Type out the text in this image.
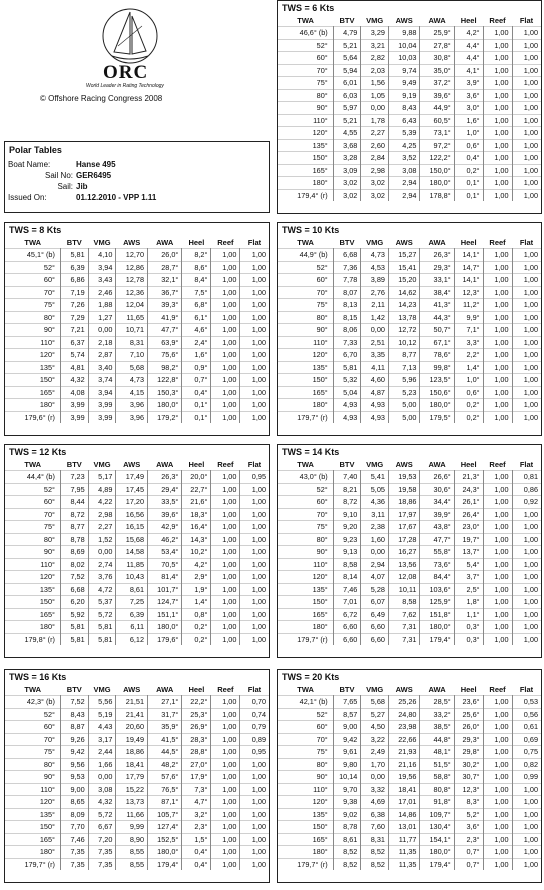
ORC
World Leader in Rating Technology
© Offshore Racing Congress 2008
Polar Tables
Boat Name:	Hanse 495
Sail No: GER6495
Sail: Jib
Issued On:	01.12.2010 - VPP 1.11
TWS = 6 Kts
TWA	BTV	VMG	AWS	AWA	Heel	Reef	Flat
46,6° (b)	4,79	3,29	9,88	25,9°	4,2°	1,00	1,00
52°	5,21	3,21	10,04	27,8°	4,4°	1,00	1,00
60°	5,64	2,82	10,03	30,8°	4,4°	1,00	1,00
70°	5,94	2,03	9,74	35,0°	4,1°	1,00	1,00
75°	6,01	1,56	9,49	37,2°	3,9°	1,00	1,00
80°	6,03	1,05	9,19	39,6°	3,6°	1,00	1,00
90°	5,97	0,00	8,43	44,9°	3,0°	1,00	1,00
110°	5,21	1,78	6,43	60,5°	1,6°	1,00	1,00
120°	4,55	2,27	5,39	73,1°	1,0°	1,00	1,00
135°	3,68	2,60	4,25	97,2°	0,6°	1,00	1,00
150°	3,28	2,84	3,52	122,2°	0,4°	1,00	1,00
165°	3,09	2,98	3,08	150,0°	0,2°	1,00	1,00
180°	3,02	3,02	2,94	180,0°	0,1°	1,00	1,00
179,4° (r)	3,02	3,02	2,94	178,8°	0,1°	1,00	1,00
TWS = 8 Kts
TWA	BTV	VMG	AWS	AWA	Heel	Reef	Flat
45,1° (b)	5,81	4,10	12,70	26,0°	8,2°	1,00	1,00
52°	6,39	3,94	12,86	28,7°	8,6°	1,00	1,00
60°	6,86	3,43	12,78	32,1°	8,4°	1,00	1,00
70°	7,19	2,46	12,36	36,7°	7,5°	1,00	1,00
75°	7,26	1,88	12,04	39,3°	6,8°	1,00	1,00
80°	7,29	1,27	11,65	41,9°	6,1°	1,00	1,00
90°	7,21	0,00	10,71	47,7°	4,6°	1,00	1,00
110°	6,37	2,18	8,31	63,9°	2,4°	1,00	1,00
120°	5,74	2,87	7,10	75,6°	1,6°	1,00	1,00
135°	4,81	3,40	5,68	98,2°	0,9°	1,00	1,00
150°	4,32	3,74	4,73	122,8°	0,7°	1,00	1,00
165°	4,08	3,94	4,15	150,3°	0,4°	1,00	1,00
180°	3,99	3,99	3,96	180,0°	0,1°	1,00	1,00
179,6° (r)	3,99	3,99	3,96	179,2°	0,1°	1,00	1,00
TWS = 10 Kts
TWA	BTV	VMG	AWS	AWA	Heel	Reef	Flat
44,9° (b)	6,68	4,73	15,27	26,3°	14,1°	1,00	1,00
52°	7,36	4,53	15,41	29,3°	14,7°	1,00	1,00
60°	7,78	3,89	15,20	33,1°	14,1°	1,00	1,00
70°	8,07	2,76	14,62	38,4°	12,3°	1,00	1,00
75°	8,13	2,11	14,23	41,3°	11,2°	1,00	1,00
80°	8,15	1,42	13,78	44,3°	9,9°	1,00	1,00
90°	8,06	0,00	12,72	50,7°	7,1°	1,00	1,00
110°	7,33	2,51	10,12	67,1°	3,3°	1,00	1,00
120°	6,70	3,35	8,77	78,6°	2,2°	1,00	1,00
135°	5,81	4,11	7,13	99,8°	1,4°	1,00	1,00
150°	5,32	4,60	5,96	123,5°	1,0°	1,00	1,00
165°	5,04	4,87	5,23	150,6°	0,6°	1,00	1,00
180°	4,93	4,93	5,00	180,0°	0,2°	1,00	1,00
179,7° (r)	4,93	4,93	5,00	179,5°	0,2°	1,00	1,00
TWS = 12 Kts
TWA	BTV	VMG	AWS	AWA	Heel	Reef	Flat
44,4° (b)	7,23	5,17	17,49	26,3°	20,0°	1,00	0,95
52°	7,95	4,89	17,45	29,4°	22,7°	1,00	1,00
60°	8,44	4,22	17,20	33,5°	21,6°	1,00	1,00
70°	8,72	2,98	16,56	39,6°	18,3°	1,00	1,00
75°	8,77	2,27	16,15	42,9°	16,4°	1,00	1,00
80°	8,78	1,52	15,68	46,2°	14,3°	1,00	1,00
90°	8,69	0,00	14,58	53,4°	10,2°	1,00	1,00
110°	8,02	2,74	11,85	70,5°	4,2°	1,00	1,00
120°	7,52	3,76	10,43	81,4°	2,9°	1,00	1,00
135°	6,68	4,72	8,61	101,7°	1,9°	1,00	1,00
150°	6,20	5,37	7,25	124,7°	1,4°	1,00	1,00
165°	5,92	5,72	6,39	151,1°	0,8°	1,00	1,00
180°	5,81	5,81	6,11	180,0°	0,2°	1,00	1,00
179,8° (r)	5,81	5,81	6,12	179,6°	0,2°	1,00	1,00
TWS = 14 Kts
TWA	BTV	VMG	AWS	AWA	Heel	Reef	Flat
43,0° (b)	7,40	5,41	19,53	26,6°	21,3°	1,00	0,81
52°	8,21	5,05	19,58	30,6°	24,3°	1,00	0,86
60°	8,72	4,36	18,86	34,4°	26,1°	1,00	0,92
70°	9,10	3,11	17,97	39,9°	26,4°	1,00	1,00
75°	9,20	2,38	17,67	43,8°	23,0°	1,00	1,00
80°	9,23	1,60	17,28	47,7°	19,7°	1,00	1,00
90°	9,13	0,00	16,27	55,8°	13,7°	1,00	1,00
110°	8,58	2,94	13,56	73,6°	5,4°	1,00	1,00
120°	8,14	4,07	12,08	84,4°	3,7°	1,00	1,00
135°	7,46	5,28	10,11	103,6°	2,5°	1,00	1,00
150°	7,01	6,07	8,58	125,9°	1,8°	1,00	1,00
165°	6,72	6,49	7,62	151,8°	1,1°	1,00	1,00
180°	6,60	6,60	7,31	180,0°	0,3°	1,00	1,00
179,7° (r)	6,60	6,60	7,31	179,4°	0,3°	1,00	1,00
TWS = 16 Kts
TWA	BTV	VMG	AWS	AWA	Heel	Reef	Flat
42,3° (b)	7,52	5,56	21,51	27,1°	22,2°	1,00	0,70
52°	8,43	5,19	21,41	31,7°	25,3°	1,00	0,74
60°	8,87	4,43	20,60	35,9°	26,9°	1,00	0,79
70°	9,26	3,17	19,49	41,5°	28,3°	1,00	0,89
75°	9,42	2,44	18,86	44,5°	28,8°	1,00	0,95
80°	9,56	1,66	18,41	48,2°	27,0°	1,00	1,00
90°	9,53	0,00	17,79	57,6°	17,9°	1,00	1,00
110°	9,00	3,08	15,22	76,5°	7,3°	1,00	1,00
120°	8,65	4,32	13,73	87,1°	4,7°	1,00	1,00
135°	8,09	5,72	11,66	105,7°	3,2°	1,00	1,00
150°	7,70	6,67	9,99	127,4°	2,3°	1,00	1,00
165°	7,46	7,20	8,90	152,5°	1,5°	1,00	1,00
180°	7,35	7,35	8,55	180,0°	0,4°	1,00	1,00
179,7° (r)	7,35	7,35	8,55	179,4°	0,4°	1,00	1,00
TWS = 20 Kts
TWA	BTV	VMG	AWS	AWA	Heel	Reef	Flat
42,1° (b)	7,65	5,68	25,26	28,5°	23,6°	1,00	0,53
52°	8,57	5,27	24,80	33,2°	25,6°	1,00	0,56
60°	9,00	4,50	23,98	38,5°	26,0°	1,00	0,61
70°	9,42	3,22	22,66	44,8°	29,3°	1,00	0,69
75°	9,61	2,49	21,93	48,1°	29,8°	1,00	0,75
80°	9,80	1,70	21,16	51,5°	30,2°	1,00	0,82
90°	10,14	0,00	19,56	58,8°	30,7°	1,00	0,99
110°	9,70	3,32	18,41	80,8°	12,3°	1,00	1,00
120°	9,38	4,69	17,01	91,8°	8,3°	1,00	1,00
135°	9,02	6,38	14,86	109,7°	5,2°	1,00	1,00
150°	8,78	7,60	13,01	130,4°	3,6°	1,00	1,00
165°	8,61	8,31	11,77	154,1°	2,3°	1,00	1,00
180°	8,52	8,52	11,35	180,0°	0,7°	1,00	1,00
179,7° (r)	8,52	8,52	11,35	179,4°	0,7°	1,00	1,00
